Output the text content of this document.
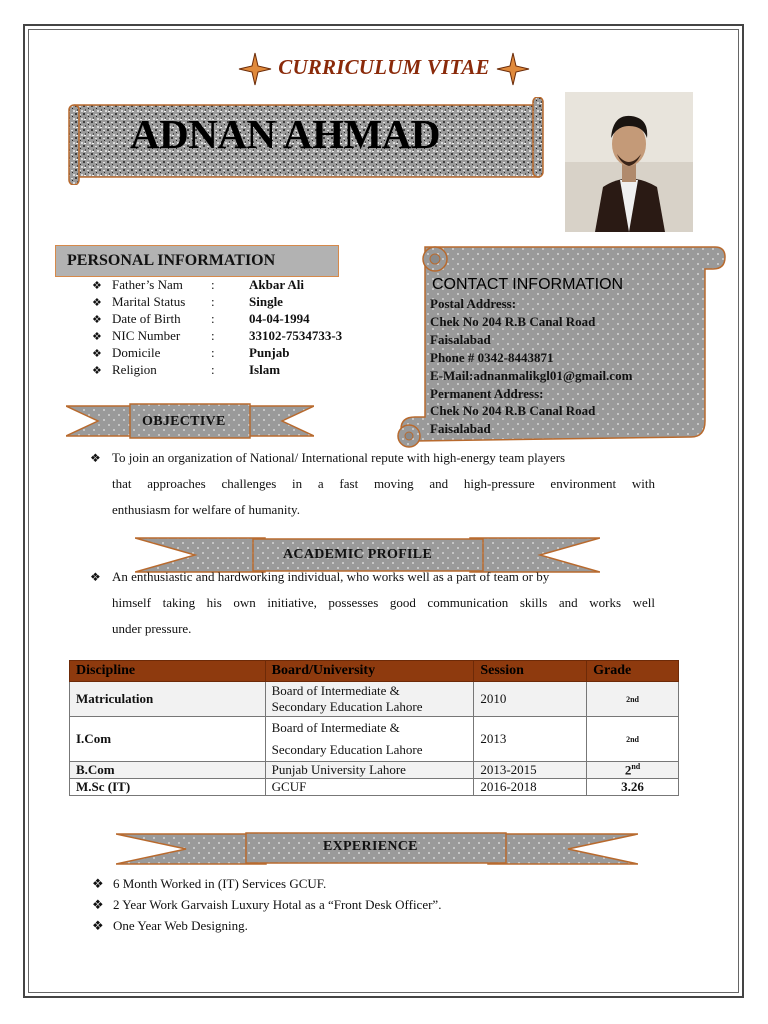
CURRICULUM VITAE
ADNAN AHMAD
PERSONAL INFORMATION
❖ Father’s Nam :	Akbar Ali
❖ Marital Status :	Single
❖ Date of Birth :	04-04-1994
❖ NIC Number :	33102-7534733-3
❖ Domicile	:	Punjab
❖ Religion	:	Islam
CONTACT INFORMATION
Postal Address:
Chek No 204 R.B Canal Road
Faisalabad
Phone # 0342-8443871
E-Mail:adnanmalikgl01@gmail.com
Permanent Address:
Chek No 204 R.B Canal Road
Faisalabad
OBJECTIVE
❖ To join an organization of National/ International repute with high-energy team players
that approaches challenges in a fast moving and high-pressure environment with
enthusiasm for welfare of humanity.
ACADEMIC PROFILE
❖ An enthusiastic and hardworking individual, who works well as a part of team or by
himself taking his own initiative, possesses good communication skills and works well
under pressure.
Discipline	Board/University	Session	Grade
Matriculation	Board of Intermediate &
Secondary Education Lahore	2010	2nd
I.Com	Board of Intermediate &
Secondary Education Lahore	2013	2nd
B.Com	Punjab University Lahore	2013-2015	2nd
M.Sc (IT)	GCUF	2016-2018	3.26
EXPERIENCE
❖ 6 Month Worked in (IT) Services GCUF.
❖ 2 Year Work Garvaish Luxury Hotal as a “Front Desk Officer”.
❖ One Year Web Designing.
